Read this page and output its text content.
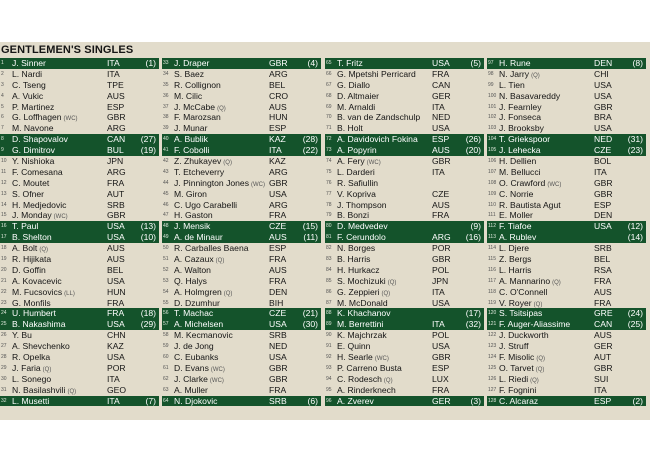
GENTLEMEN'S SINGLES
1 J. Sinner	ITA	(1)
2 L. Nardi	ITA
3 C. Tseng	TPE
4 A. Vukic	AUS
5 P. Martinez	ESP
6 G. Loffhagen (WC)	GBR
7 M. Navone	ARG
8 D. Shapovalov	CAN (27)
9 G. Dimitrov	BUL (19)
10 Y. Nishioka	JPN
11 F. Comesana	ARG
12 C. Moutet	FRA
13 S. Ofner	AUT
14 H. Medjedovic	SRB
15 J. Monday (WC)	GBR
16 T. Paul	USA (13)
17 B. Shelton	USA (10)
18 A. Bolt (Q)	AUS
19 R. Hijikata	AUS
20 D. Goffin	BEL
21 A. Kovacevic	USA
22 M. Fucsovics (LL)	HUN
23 G. Monfils	FRA
24 U. Humbert	FRA (18)
25 B. Nakashima	USA (29)
26 Y. Bu	CHN
27 A. Shevchenko	KAZ
28 R. Opelka	USA
29 J. Faria (Q)	POR
30 L. Sonego	ITA
31 N. Basilashvili (Q)	GEO
32 L. Musetti	ITA	(7)
33 J. Draper	GBR (4)
34 S. Baez	ARG
35 R. Collignon	BEL
36 M. Cilic	CRO
37 J. McCabe (Q)	AUS
38 F. Marozsan	HUN
39 J. Munar	ESP
40 A. Bublik	KAZ (28)
41 F. Cobolli	ITA (22)
42 Z. Zhukayev (Q)	KAZ
43 T. Etcheverry	ARG
44 J. Pinnington Jones (WC) GBR
45 M. Giron	USA
46 C. Ugo Carabelli	ARG
47 H. Gaston	FRA
48 J. Mensik	CZE (15)
49 A. de Minaur	AUS (11)
50 R. Carballes Baena ESP
51 A. Cazaux (Q)	FRA
52 A. Walton	AUS
53 Q. Halys	FRA
54 A. Holmgren (Q)	DEN
55 D. Dzumhur	BIH
56 T. Machac	CZE (21)
57 A. Michelsen	USA (30)
58 M. Kecmanovic	SRB
59 J. de Jong	NED
60 C. Eubanks	USA
61 D. Evans (WC)	GBR
62 J. Clarke (WC)	GBR
63 A. Muller	FRA
64 N. Djokovic	SRB (6)
65 T. Fritz	USA (5)
66 G. Mpetshi Perricard FRA
67 G. Diallo	CAN
68 D. Altmaier	GER
69 M. Arnaldi	ITA
70 B. van de Zandschulp NED
71 B. Holt	USA
72 A. Davidovich Fokina ESP (26)
73 A. Popyrin	AUS (20)
74 A. Fery (WC)	GBR
75 L. Darderi	ITA
76 R. Safiullin
77 V. Kopriva	CZE
78 J. Thompson	AUS
79 B. Bonzi	FRA
80 D. Medvedev	(9)
81 F. Cerundolo	ARG (16)
82 N. Borges	POR
83 B. Harris	GBR
84 H. Hurkacz	POL
85 S. Mochizuki (Q)	JPN
86 G. Zeppieri (Q)	ITA
87 M. McDonald	USA
88 K. Khachanov	(17)
89 M. Berrettini	ITA (32)
90 K. Majchrzak	POL
91 E. Quinn	USA
92 H. Searle (WC)	GBR
93 P. Carreno Busta	ESP
94 C. Rodesch (Q)	LUX
95 A. Rinderknech	FRA
96 A. Zverev	GER (3)
97 H. Rune	DEN (8)
98 N. Jarry (Q)	CHI
99 L. Tien	USA
100 N. Basavareddy	USA
101 J. Fearnley	GBR
102 J. Fonseca	BRA
103 J. Brooksby	USA
104 T. Griekspoor	NED (31)
105 J. Lehecka	CZE (23)
106 H. Dellien	BOL
107 M. Bellucci	ITA
108 O. Crawford (WC)	GBR
109 C. Norrie	GBR
110 R. Bautista Agut	ESP
111 E. Moller	DEN
112 F. Tiafoe	USA (12)
113 A. Rublev	(14)
114 L. Djere	SRB
115 Z. Bergs	BEL
116 L. Harris	RSA
117 A. Mannarino (Q)	FRA
118 C. O'Connell	AUS
119 V. Royer (Q)	FRA
120 S. Tsitsipas	GRE (24)
121 F. Auger-Aliassime	CAN (25)
122 J. Duckworth	AUS
123 J. Struff	GER
124 F. Misolic (Q)	AUT
125 O. Tarvet (Q)	GBR
126 L. Riedi (Q)	SUI
127 F. Fognini	ITA
128 C. Alcaraz	ESP (2)
